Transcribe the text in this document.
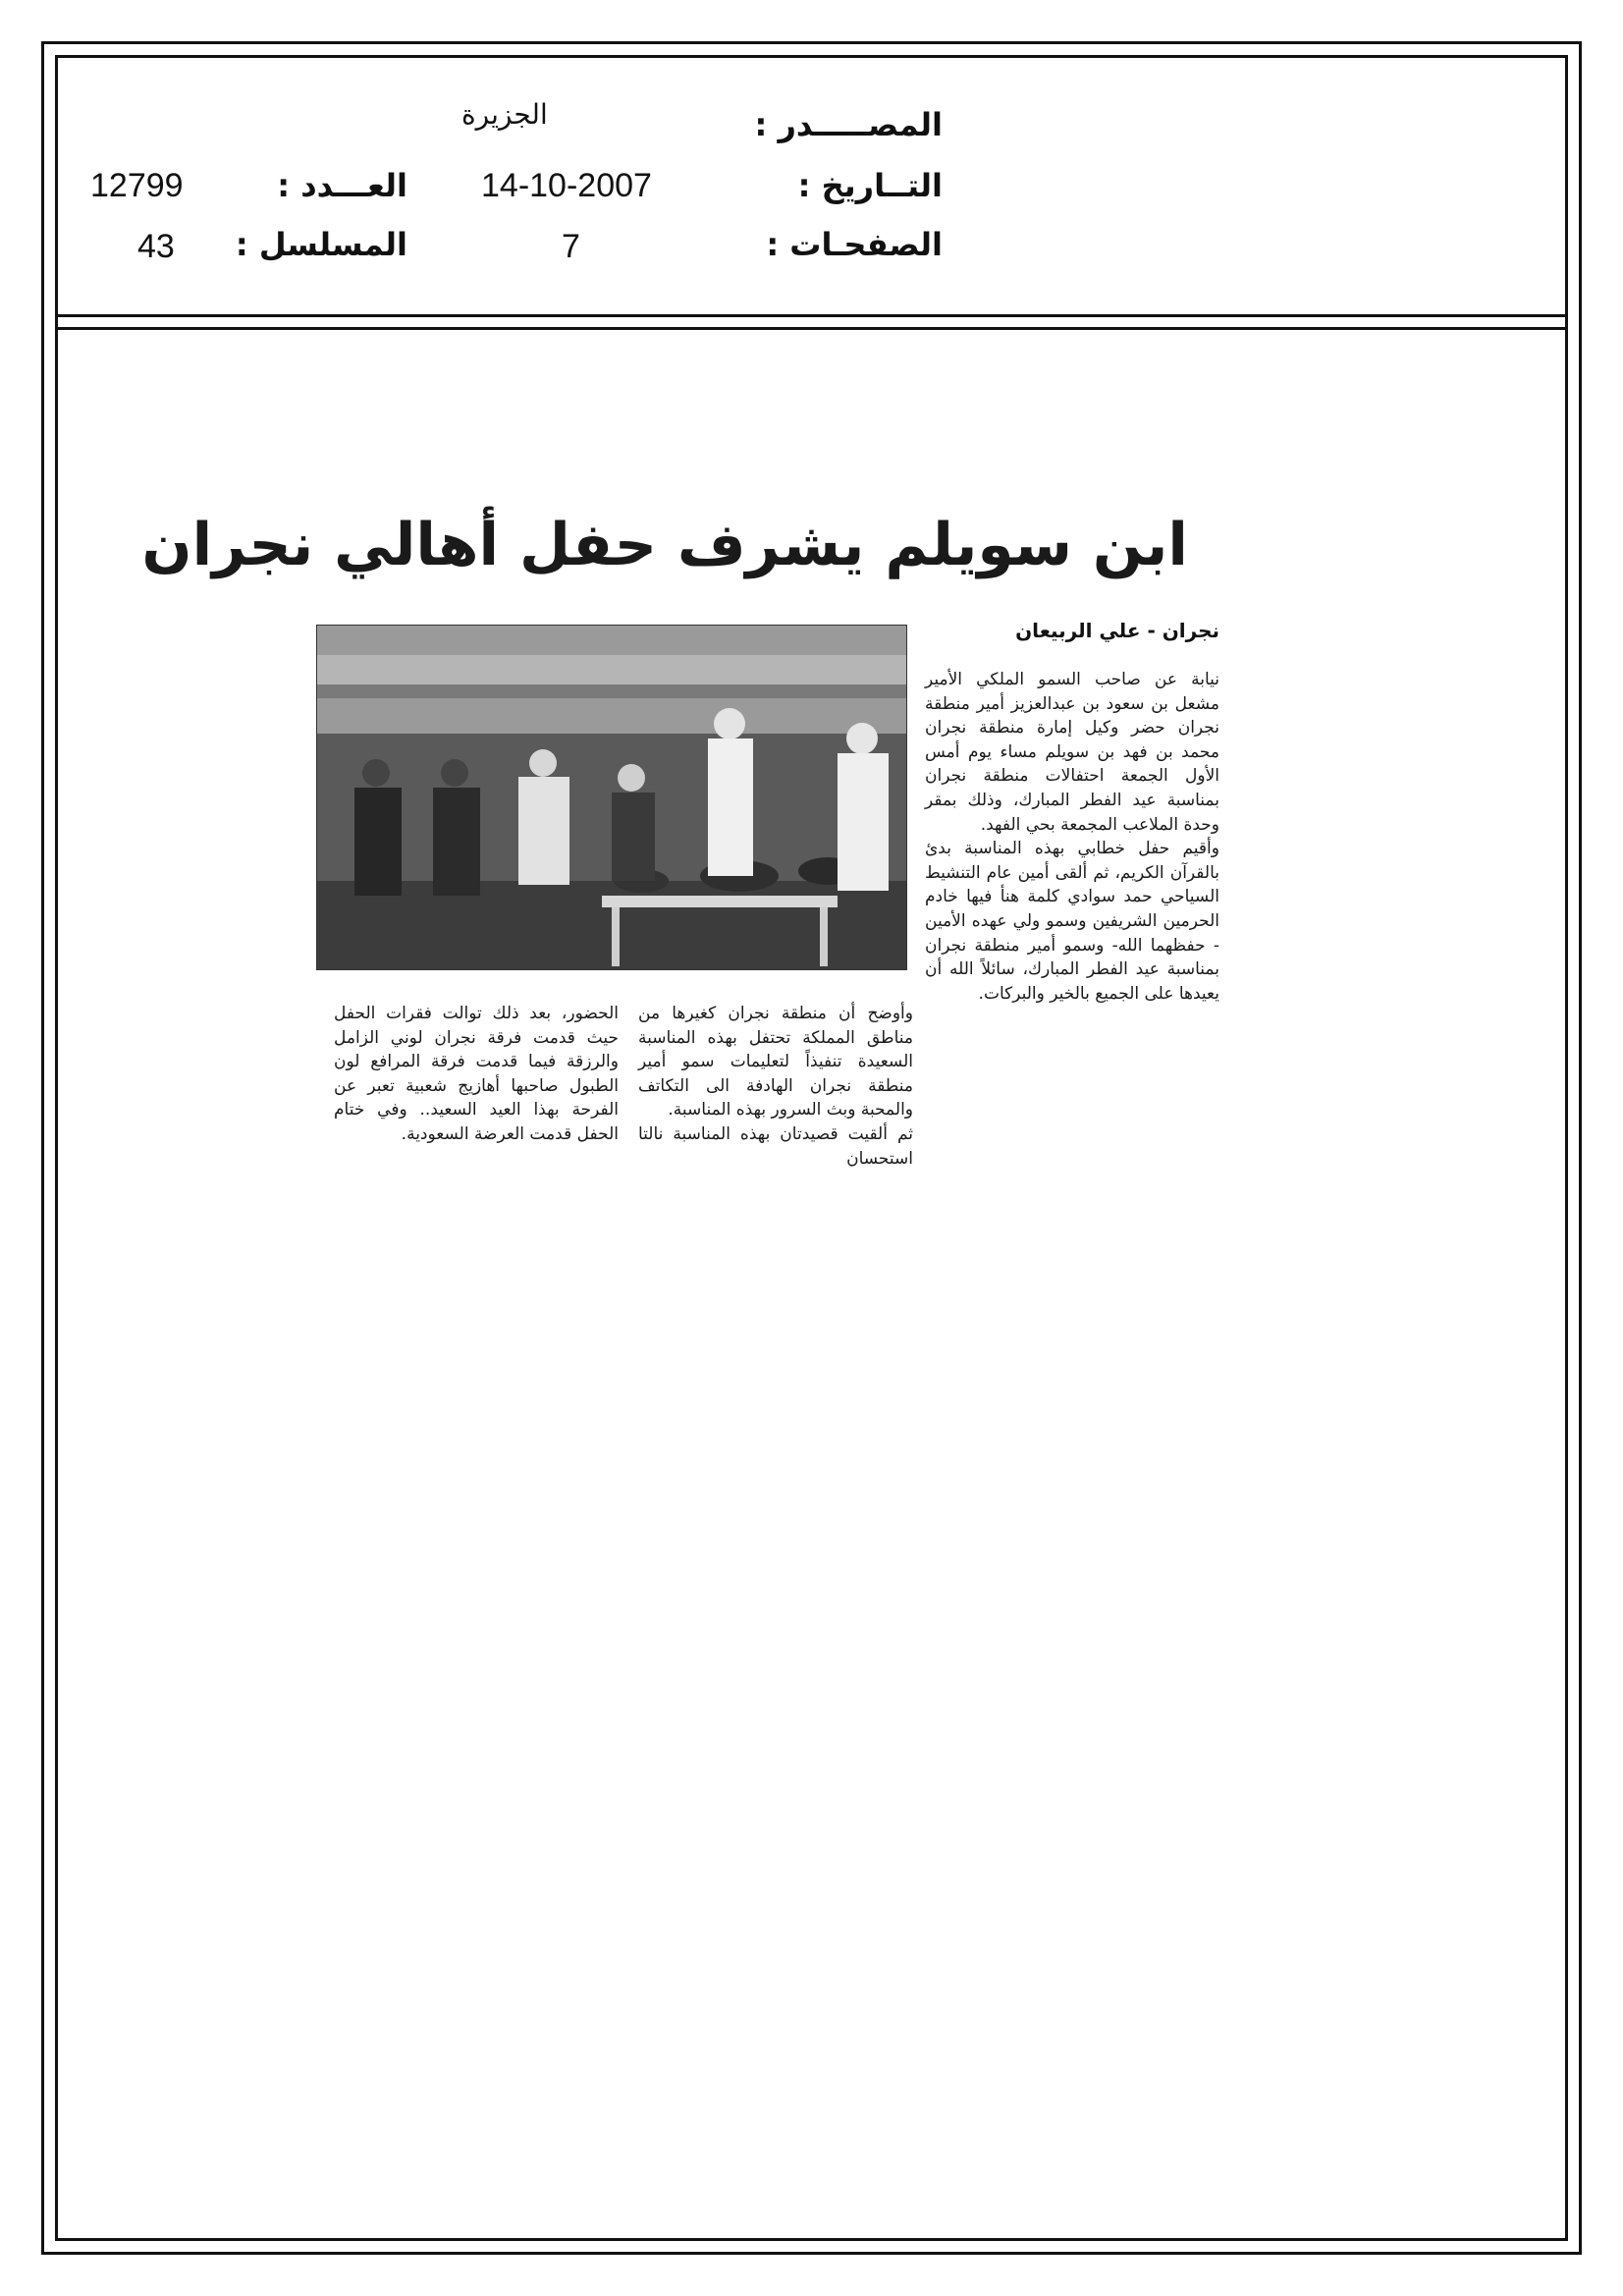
المصـــــدر :
الجزيرة
التــاريخ :
14-10-2007
الصفحـات :
7
العـــدد :
12799
المسلسل :
43
ابن سويلم يشرف حفل أهالي نجران
نجران - علي الربيعان

نيابة عن صاحب السمو الملكي الأمير مشعل بن سعود بن عبدالعزيز أمير منطقة نجران حضر وكيل إمارة منطقة نجران محمد بن فهد بن سويلم مساء يوم أمس الأول الجمعة احتفالات منطقة نجران بمناسبة عيد الفطر المبارك، وذلك بمقر وحدة الملاعب المجمعة بحي الفهد.

وأقيم حفل خطابي بهذه المناسبة بدئ بالقرآن الكريم، ثم ألقى أمين عام التنشيط السياحي حمد سوادي كلمة هنأ فيها خادم الحرمين الشريفين وسمو ولي عهده الأمين - حفظهما الله- وسمو أمير منطقة نجران بمناسبة عيد الفطر المبارك، سائلاً الله أن يعيدها على الجميع بالخير والبركات.

وأوضح أن منطقة نجران كغيرها من مناطق المملكة تحتفل بهذه المناسبة السعيدة تنفيذاً لتعليمات سمو أمير منطقة نجران الهادفة الى التكاتف والمحبة وبث السرور بهذه المناسبة.

ثم ألقيت قصيدتان بهذه المناسبة نالتا استحسان

الحضور، بعد ذلك توالت فقرات الحفل حيث قدمت فرقة نجران لوني الزامل والرزقة فيما قدمت فرقة المرافع لون الطبول صاحبها أهازيج شعبية تعبر عن الفرحة بهذا العيد السعيد.. وفي ختام الحفل قدمت العرضة السعودية.
